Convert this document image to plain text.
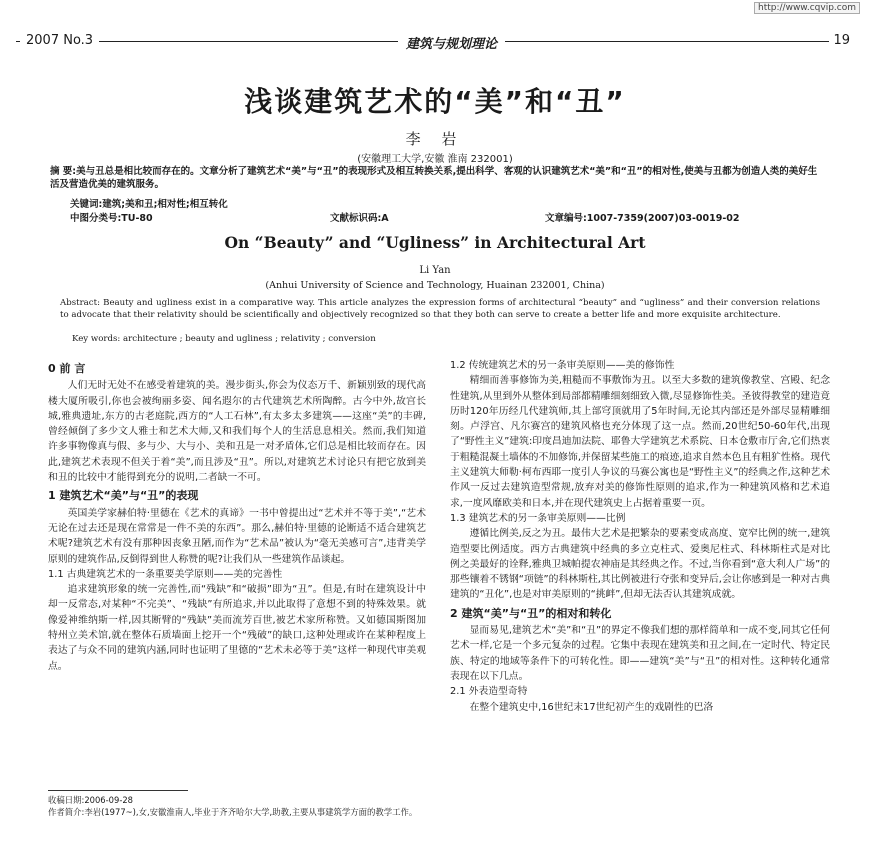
http://www.cqvip.com
2007 No.3	建筑与规划理论	19
浅谈建筑艺术的“美”和“丑”
李 岩
(安徽理工大学,安徽 淮南 232001)
摘 要:美与丑总是相比较而存在的。文章分析了建筑艺术“美”与“丑”的表现形式及相互转换关系,提出科学、客观的认识建筑艺术“美”和“丑”的相对性,使美与丑都为创造人类的美好生活及营造优美的建筑服务。
关键词:建筑;美和丑;相对性;相互转化
中图分类号:TU-80	文献标识码:A	文章编号:1007-7359(2007)03-0019-02
On “Beauty” and “Ugliness” in Architectural Art
Li Yan
(Anhui University of Science and Technology, Huainan 232001, China)
Abstract: Beauty and ugliness exist in a comparative way. This article analyzes the expression forms of architectural “beauty” and “ugliness” and their conversion relations to advocate that their relativity should be scientifically and objectively recognized so that they both can serve to create a better life and more exquisite architecture.
Key words: architecture ; beauty and ugliness ; relativity ; conversion
0 前 言
人们无时无处不在感受着建筑的美。漫步街头,你会为仪态万千、新颖别致的现代高楼大厦所吸引,你也会被绚丽多姿、闻名遐尔的古代建筑艺术所陶醉。古今中外,故宫长城,雅典遗址,东方的古老庭院,西方的“人工石林”,有太多太多建筑——这座“美”的丰碑,曾经倾倒了多少文人雅士和艺术大师,又和我们每个人的生活息息相关。然而,我们知道许多事物像真与假、多与少、大与小、美和丑是一对矛盾体,它们总是相比较而存在。因此,建筑艺术表现不但关于着“美”,而且涉及“丑”。所以,对建筑艺术讨论只有把它放到美和丑的比较中才能得到充分的说明,二者缺一不可。
1 建筑艺术“美”与“丑”的表现
英国美学家赫伯特·里德在《艺术的真谛》一书中曾提出过“艺术并不等于美”,“艺术无论在过去还是现在常常是一件不美的东西”。那么,赫伯特·里德的论断适不适合建筑艺术呢?建筑艺术有没有那种因丧象丑陋,而作为“艺术品”被认为“毫无美感可言”,违背美学原则的建筑作品,反倒得到世人称赞的呢?让我们从一些建筑作品谈起。
1.1 古典建筑艺术的一条重要美学原则——美的完善性
追求建筑形象的统一完善性,而“残缺”和“破损”即为“丑”。但是,有时在建筑设计中却一反常态,对某种“不完美”、“残缺”有所追求,并以此取得了意想不到的特殊效果。就像爱神维纳斯一样,因其断臂的“残缺”美而流芳百世,被艺术家所称赞。又如德国斯图加特州立美术馆,就在整体石质墙面上挖开一个“残破”的缺口,这种处理或许在某种程度上表达了与众不同的建筑内涵,同时也证明了里德的“艺术未必等于美”这样一种现代审美观点。
1.2 传统建筑艺术的另一条审美原则——美的修饰性
精细而善事修饰为美,粗糙而不事敷饰为丑。以至大多数的建筑像教堂、宫殿、纪念性建筑,从里到外从整体到局部都精雕细刻细致入微,尽显修饰性美。圣彼得教堂的建造竟历时120年历经几代建筑师,其上部穹顶就用了5年时间,无论其内部还是外部尽显精雕细刻。卢浮宫、凡尔赛宫的建筑风格也充分体现了这一点。然而,20世纪50-60年代,出现了“野性主义”建筑:印度昌迪加法院、耶鲁大学建筑艺术系院、日本仓敷市厅舍,它们热衷于粗糙混凝土墙体的不加修饰,并保留某些施工的痕迹,追求自然本色且有粗犷性格。现代主义建筑大师勒·柯布西耶一度引人争议的马赛公寓也是“野性主义”的经典之作,这种艺术作风一反过去建筑造型常规,放弃对美的修饰性原则的追求,作为一种建筑风格和艺术追求,一度风靡欧美和日本,并在现代建筑史上占据着重要一页。
1.3 建筑艺术的另一条审美原则——比例
遵循比例美,反之为丑。最伟大艺术是把繁杂的要素变成高度、宽窄比例的统一,建筑造型要比例适度。西方古典建筑中经典的多立克柱式、爱奥尼柱式、科林斯柱式是对比例之美最好的诠释,雅典卫城帕提农神庙是其经典之作。不过,当你看到“意大利人广场”的那些镶着不锈钢“项链”的科林斯柱,其比例被进行夺张和变异后,会让你感到是一种对古典建筑的“丑化”,也是对审美原则的“挑衅”,但却无法否认其建筑成就。
2 建筑“美”与“丑”的相对和转化
显而易见,建筑艺术“美”和“丑”的界定不像我们想的那样简单和一成不变,同其它任何艺术一样,它是一个多元复杂的过程。它集中表现在建筑美和丑之间,在一定时代、特定民族、特定的地域等条件下的可转化性。即——建筑“美”与“丑”的相对性。这种转化通常表现在以下几点。
2.1 外表造型奇特
在整个建筑史中,16世纪末17世纪初产生的戏剧性的巴洛
收稿日期:2006-09-28
作者简介:李岩(1977~),女,安徽淮南人,毕业于齐齐哈尔大学,助教,主要从事建筑学方面的教学工作。
